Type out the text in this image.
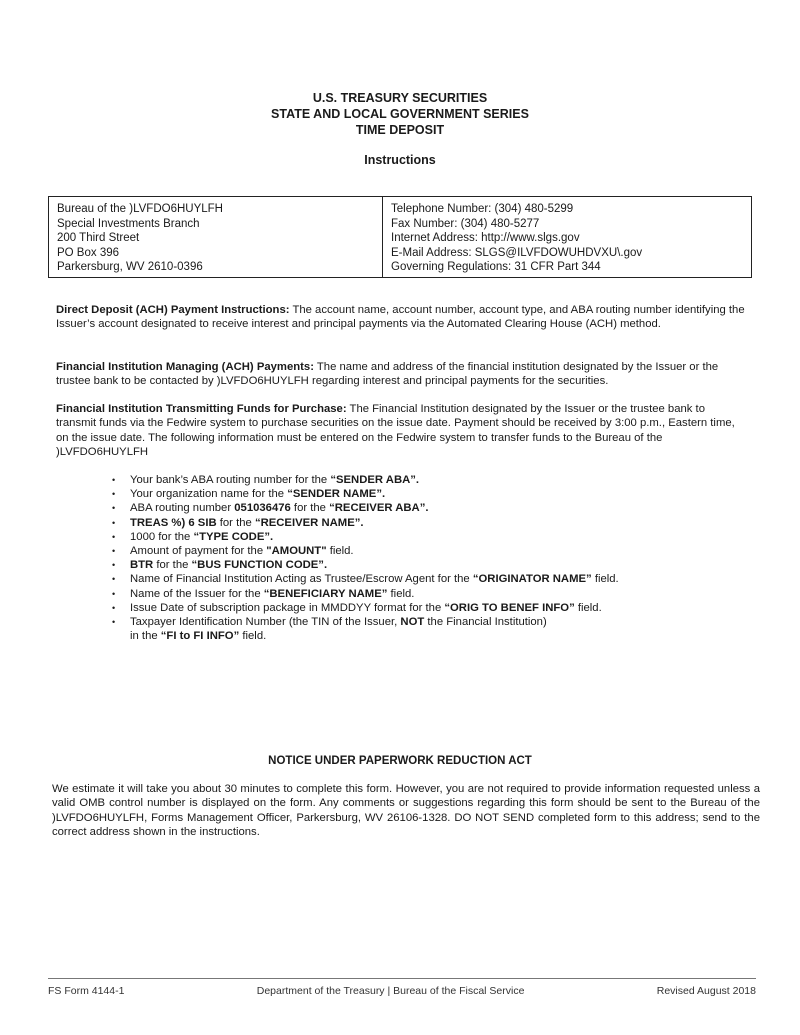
U.S. TREASURY SECURITIES
STATE AND LOCAL GOVERNMENT SERIES
TIME DEPOSIT
Instructions
Bureau of the )LVFDO6HUYLFH
Special Investments Branch
200 Third Street
PO Box 396
Parkersburg, WV 2610-0396
Telephone Number: (304) 480-5299
Fax Number: (304) 480-5277
Internet Address: http://www.slgs.gov
E-Mail Address: SLGS@ILVFDOWUHDVXU\.gov
Governing Regulations: 31 CFR Part 344
Direct Deposit (ACH) Payment Instructions: The account name, account number, account type, and ABA routing number identifying the Issuer’s account designated to receive interest and principal payments via the Automated Clearing House (ACH) method.
Financial Institution Managing (ACH) Payments: The name and address of the financial institution designated by the Issuer or the trustee bank to be contacted by )LVFDO6HUYLFH regarding interest and principal payments for the securities.
Financial Institution Transmitting Funds for Purchase: The Financial Institution designated by the Issuer or the trustee bank to transmit funds via the Fedwire system to purchase securities on the issue date. Payment should be received by 3:00 p.m., Eastern time, on the issue date. The following information must be entered on the Fedwire system to transfer funds to the Bureau of the )LVFDO6HUYLFH
• Your bank’s ABA routing number for the “SENDER ABA”.
• Your organization name for the “SENDER NAME”.
• ABA routing number 051036476 for the “RECEIVER ABA”.
• TREAS %) 6 SIB for the “RECEIVER NAME”.
• 1000 for the “TYPE CODE”.
• Amount of payment for the "AMOUNT" field.
• BTR for the “BUS FUNCTION CODE”.
• Name of Financial Institution Acting as Trustee/Escrow Agent for the “ORIGINATOR NAME” field.
• Name of the Issuer for the “BENEFICIARY NAME” field.
• Issue Date of subscription package in MMDDYY format for the “ORIG TO BENEF INFO” field.
• Taxpayer Identification Number (the TIN of the Issuer, NOT the Financial Institution)
in the “FI to FI INFO” field.
NOTICE UNDER PAPERWORK REDUCTION ACT
We estimate it will take you about 30 minutes to complete this form. However, you are not required to provide information requested unless a valid OMB control number is displayed on the form. Any comments or suggestions regarding this form should be sent to the Bureau of the )LVFDO6HUYLFH, Forms Management Officer, Parkersburg, WV 26106-1328. DO NOT SEND completed form to this address; send to the correct address shown in the instructions.
FS Form 4144-1	Department of the Treasury | Bureau of the Fiscal Service	Revised August 2018
